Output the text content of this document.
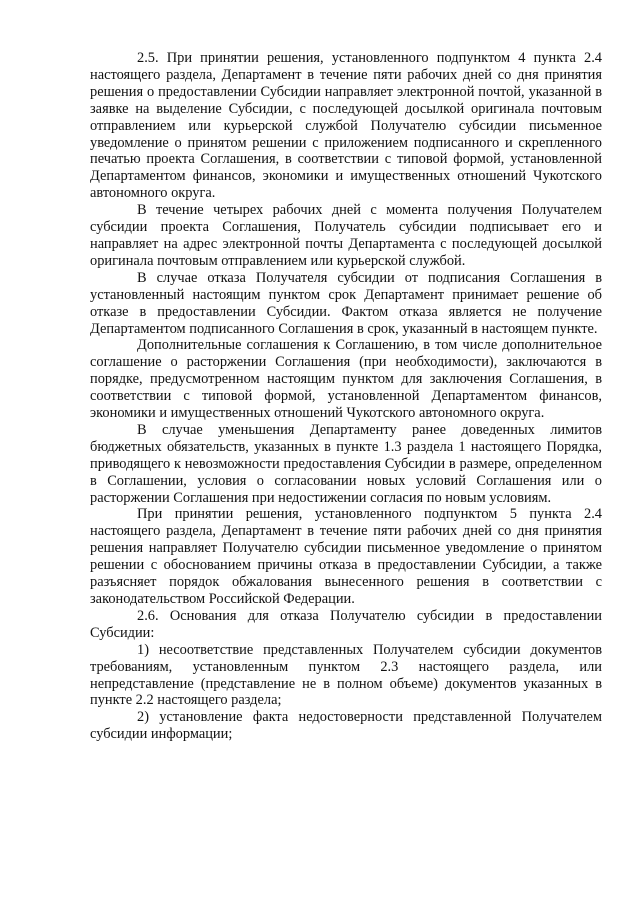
2.5. При принятии решения, установленного подпунктом 4 пункта 2.4 настоящего раздела, Департамент в течение пяти рабочих дней со дня принятия решения о предоставлении Субсидии направляет электронной почтой, указанной в заявке на выделение Субсидии, с последующей досылкой оригинала почтовым отправлением или курьерской службой Получателю субсидии письменное уведомление о принятом решении с приложением подписанного и скрепленного печатью проекта Соглашения, в соответствии с типовой формой, установленной Департаментом финансов, экономики и имущественных отношений Чукотского автономного округа.

В течение четырех рабочих дней с момента получения Получателем субсидии проекта Соглашения, Получатель субсидии подписывает его и направляет на адрес электронной почты Департамента с последующей досылкой оригинала почтовым отправлением или курьерской службой.

В случае отказа Получателя субсидии от подписания Соглашения в установленный настоящим пунктом срок Департамент принимает решение об отказе в предоставлении Субсидии. Фактом отказа является не получение Департаментом подписанного Соглашения в срок, указанный в настоящем пункте.

Дополнительные соглашения к Соглашению, в том числе дополнительное соглашение о расторжении Соглашения (при необходимости), заключаются в порядке, предусмотренном настоящим пунктом для заключения Соглашения, в соответствии с типовой формой, установленной Департаментом финансов, экономики и имущественных отношений Чукотского автономного округа.

В случае уменьшения Департаменту ранее доведенных лимитов бюджетных обязательств, указанных в пункте 1.3 раздела 1 настоящего Порядка, приводящего к невозможности предоставления Субсидии в размере, определенном в Соглашении, условия о согласовании новых условий Соглашения или о расторжении Соглашения при недостижении согласия по новым условиям.

При принятии решения, установленного подпунктом 5 пункта 2.4 настоящего раздела, Департамент в течение пяти рабочих дней со дня принятия решения направляет Получателю субсидии письменное уведомление о принятом решении с обоснованием причины отказа в предоставлении Субсидии, а также разъясняет порядок обжалования вынесенного решения в соответствии с законодательством Российской Федерации.

2.6. Основания для отказа Получателю субсидии в предоставлении Субсидии:

1) несоответствие представленных Получателем субсидии документов требованиям, установленным пунктом 2.3 настоящего раздела, или непредставление (представление не в полном объеме) документов указанных в пункте 2.2 настоящего раздела;

2) установление факта недостоверности представленной Получателем субсидии информации;
